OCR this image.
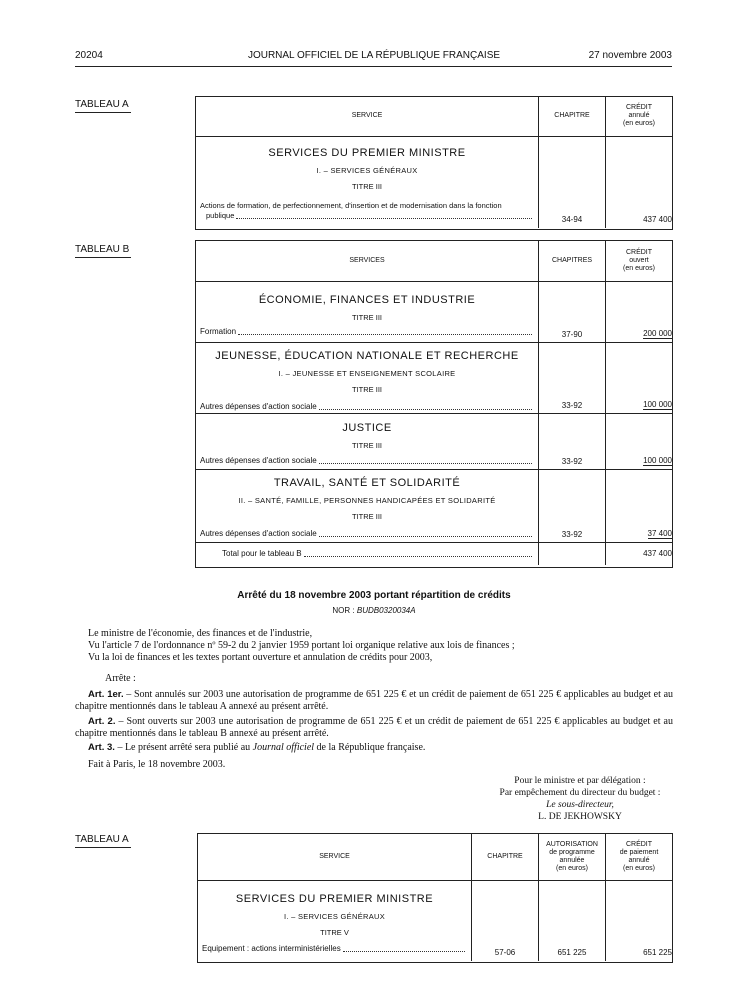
20204	JOURNAL OFFICIEL DE LA RÉPUBLIQUE FRANÇAISE	27 novembre 2003
TABLEAU A
SERVICE	CHAPITRE	CRÉDIT
annulé
(en euros)

SERVICES DU PREMIER MINISTRE
I. – SERVICES GÉNÉRAUX
TITRE III
Actions de formation, de perfectionnement, d'insertion et de modernisation dans la fonction
publique	34-94	437 400
TABLEAU B
SERVICES	CHAPITRES	CRÉDIT
ouvert
(en euros)

ÉCONOMIE, FINANCES ET INDUSTRIE
TITRE III
Formation	37-90	200 000

JEUNESSE, ÉDUCATION NATIONALE ET RECHERCHE
I. – JEUNESSE ET ENSEIGNEMENT SCOLAIRE
TITRE III
Autres dépenses d'action sociale	33-92	100 000

JUSTICE
TITRE III
Autres dépenses d'action sociale	33-92	100 000

TRAVAIL, SANTÉ ET SOLIDARITÉ
II. – SANTÉ, FAMILLE, PERSONNES HANDICAPÉES ET SOLIDARITÉ
TITRE III
Autres dépenses d'action sociale	33-92	37 400

Total pour le tableau B		437 400
Arrêté du 18 novembre 2003 portant répartition de crédits
NOR : BUDB0320034A
Le ministre de l'économie, des finances et de l'industrie,
Vu l'article 7 de l'ordonnance nº 59-2 du 2 janvier 1959 portant loi organique relative aux lois de finances ;
Vu la loi de finances et les textes portant ouverture et annulation de crédits pour 2003,
Arrête :
Art. 1er. – Sont annulés sur 2003 une autorisation de programme de 651 225 € et un crédit de paiement de 651 225 € applicables au budget et au chapitre mentionnés dans le tableau A annexé au présent arrêté.
Art. 2. – Sont ouverts sur 2003 une autorisation de programme de 651 225 € et un crédit de paiement de 651 225 € applicables au budget et au chapitre mentionnés dans le tableau B annexé au présent arrêté.
Art. 3. – Le présent arrêté sera publié au Journal officiel de la République française.
Fait à Paris, le 18 novembre 2003.
Pour le ministre et par délégation :
Par empêchement du directeur du budget :
Le sous-directeur,
L. DE JEKHOWSKY
TABLEAU A
SERVICE	CHAPITRE	AUTORISATION
de programme
annulée
(en euros)	CRÉDIT
de paiement
annulé
(en euros)

SERVICES DU PREMIER MINISTRE
I. – SERVICES GÉNÉRAUX
TITRE V
Equipement : actions interministérielles	57-06	651 225	651 225
